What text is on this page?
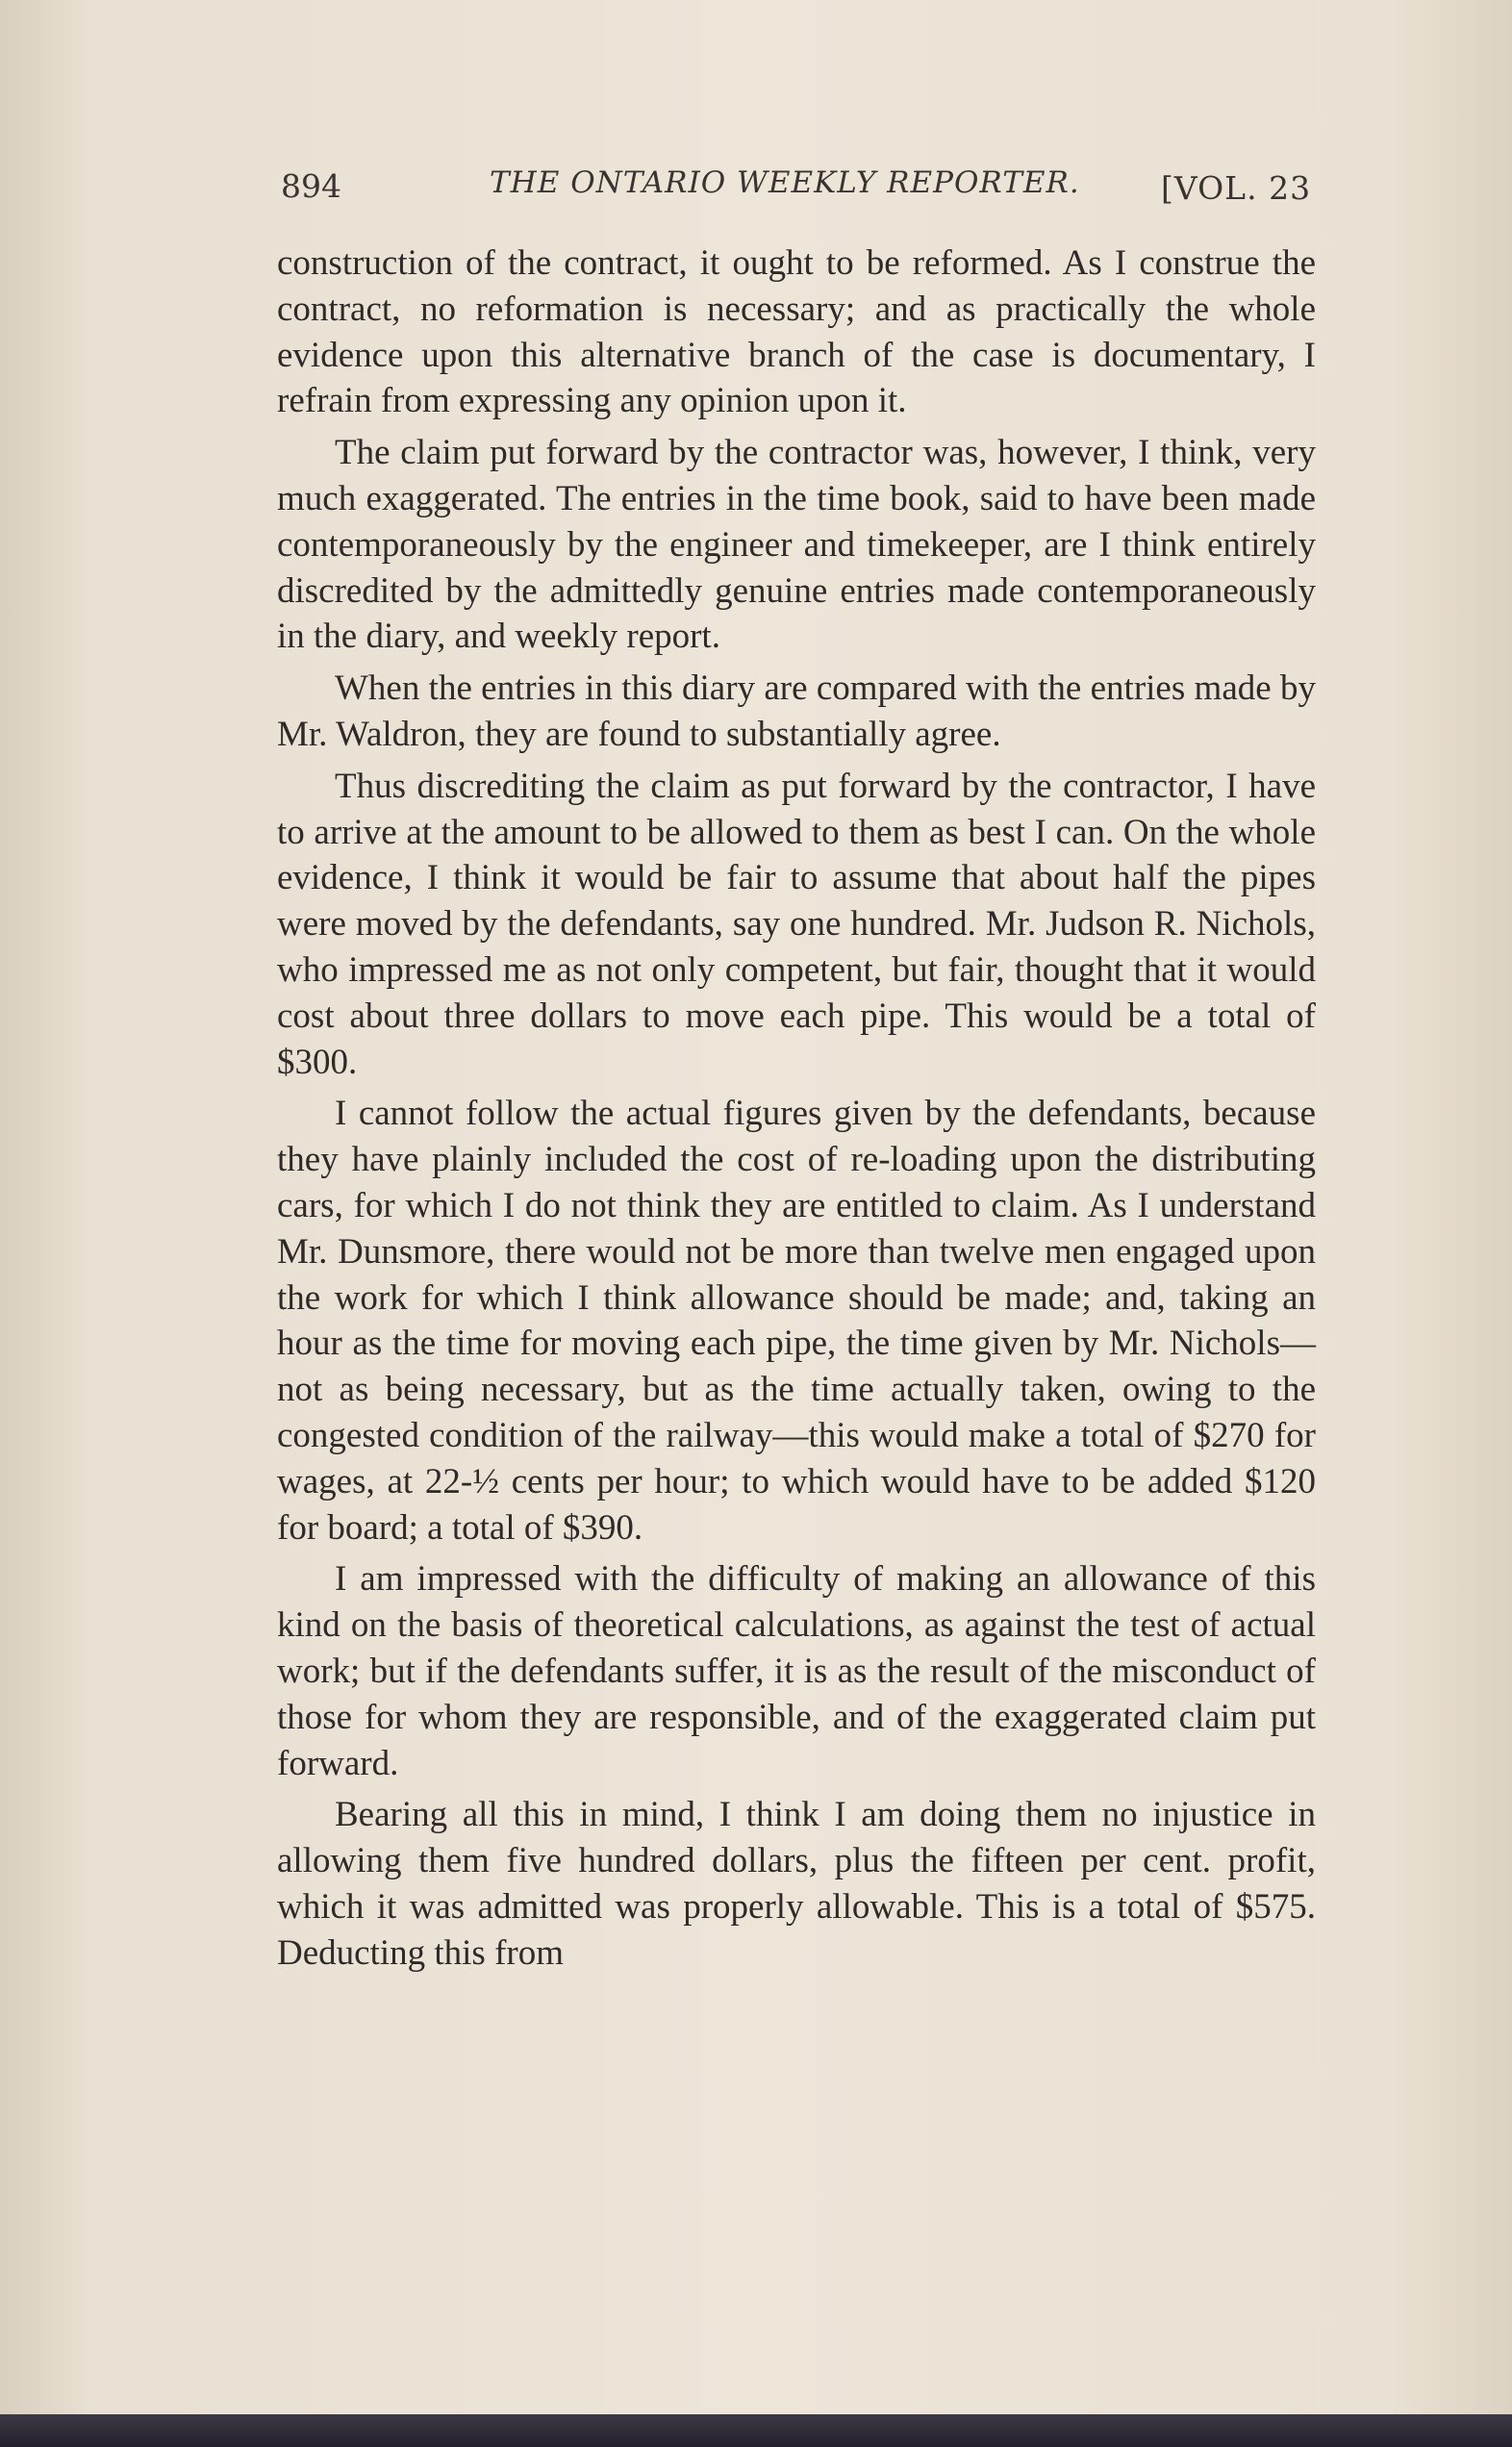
894	THE ONTARIO WEEKLY REPORTER.	[VOL. 23

construction of the contract, it ought to be reformed. As I construe the contract, no reformation is necessary; and as practically the whole evidence upon this alternative branch of the case is documentary, I refrain from expressing any opinion upon it.

The claim put forward by the contractor was, however, I think, very much exaggerated. The entries in the time book, said to have been made contemporaneously by the engineer and timekeeper, are I think entirely discredited by the admittedly genuine entries made contemporaneously in the diary, and weekly report.

When the entries in this diary are compared with the entries made by Mr. Waldron, they are found to substantially agree.

Thus discrediting the claim as put forward by the contractor, I have to arrive at the amount to be allowed to them as best I can. On the whole evidence, I think it would be fair to assume that about half the pipes were moved by the defendants, say one hundred. Mr. Judson R. Nichols, who impressed me as not only competent, but fair, thought that it would cost about three dollars to move each pipe. This would be a total of $300.

I cannot follow the actual figures given by the defendants, because they have plainly included the cost of re-loading upon the distributing cars, for which I do not think they are entitled to claim. As I understand Mr. Dunsmore, there would not be more than twelve men engaged upon the work for which I think allowance should be made; and, taking an hour as the time for moving each pipe, the time given by Mr. Nichols—not as being necessary, but as the time actually taken, owing to the congested condition of the railway—this would make a total of $270 for wages, at 22-½ cents per hour; to which would have to be added $120 for board; a total of $390.

I am impressed with the difficulty of making an allowance of this kind on the basis of theoretical calculations, as against the test of actual work; but if the defendants suffer, it is as the result of the misconduct of those for whom they are responsible, and of the exaggerated claim put forward.

Bearing all this in mind, I think I am doing them no injustice in allowing them five hundred dollars, plus the fifteen per cent. profit, which it was admitted was properly allowable. This is a total of $575. Deducting this from
